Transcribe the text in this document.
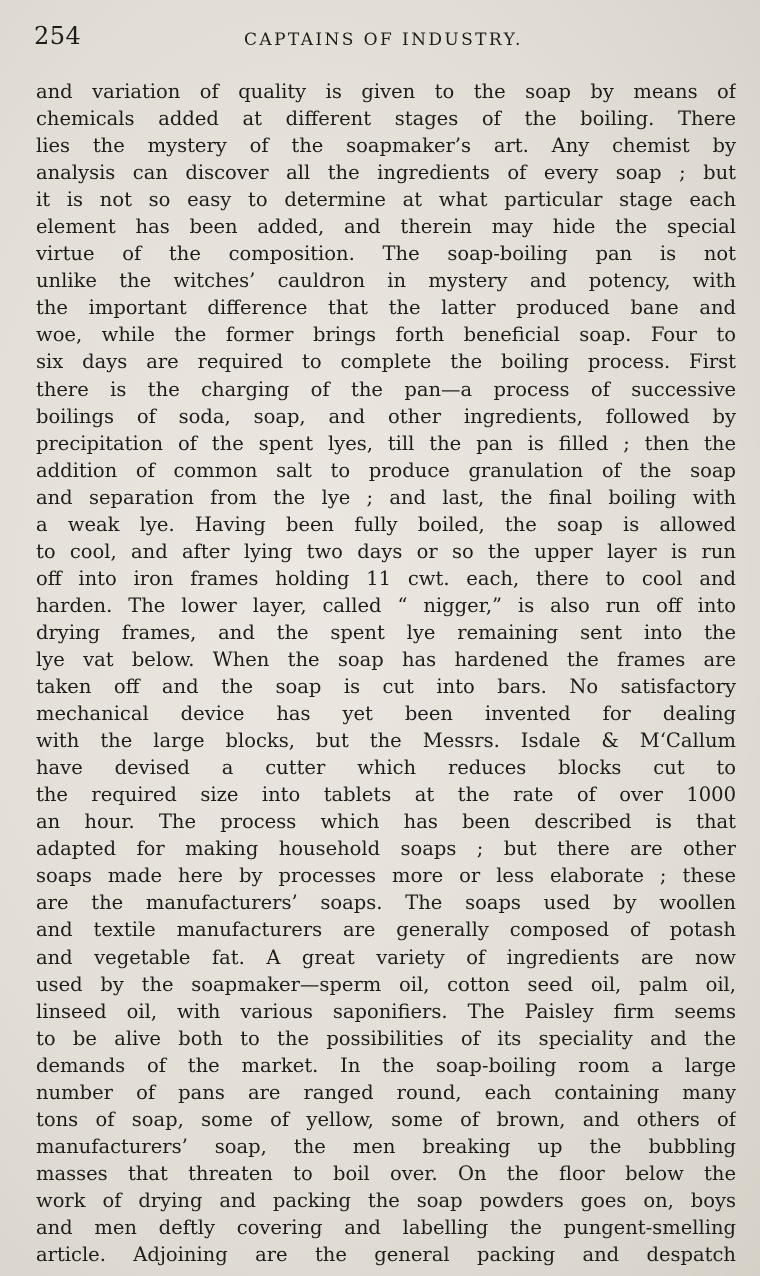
254	CAPTAINS OF INDUSTRY.
and variation of quality is given to the soap by means of
chemicals added at different stages of the boiling. There
lies the mystery of the soapmaker’s art. Any chemist by
analysis can discover all the ingredients of every soap ; but
it is not so easy to determine at what particular stage each
element has been added, and therein may hide the special
virtue of the composition. The soap-boiling pan is not
unlike the witches’ cauldron in mystery and potency, with
the important difference that the latter produced bane and
woe, while the former brings forth beneficial soap. Four to
six days are required to complete the boiling process. First
there is the charging of the pan—a process of successive
boilings of soda, soap, and other ingredients, followed by
precipitation of the spent lyes, till the pan is filled ; then the
addition of common salt to produce granulation of the soap
and separation from the lye ; and last, the final boiling with
a weak lye. Having been fully boiled, the soap is allowed
to cool, and after lying two days or so the upper layer is run
off into iron frames holding 11 cwt. each, there to cool and
harden. The lower layer, called “ nigger,” is also run off into
drying frames, and the spent lye remaining sent into the
lye vat below. When the soap has hardened the frames are
taken off and the soap is cut into bars. No satisfactory
mechanical device has yet been invented for dealing
with the large blocks, but the Messrs. Isdale & M‘Callum
have devised a cutter which reduces blocks cut to
the required size into tablets at the rate of over 1000
an hour. The process which has been described is that
adapted for making household soaps ; but there are other
soaps made here by processes more or less elaborate ; these
are the manufacturers’ soaps. The soaps used by woollen
and textile manufacturers are generally composed of potash
and vegetable fat. A great variety of ingredients are now
used by the soapmaker—sperm oil, cotton seed oil, palm oil,
linseed oil, with various saponifiers. The Paisley firm seems
to be alive both to the possibilities of its speciality and the
demands of the market. In the soap-boiling room a large
number of pans are ranged round, each containing many
tons of soap, some of yellow, some of brown, and others of
manufacturers’ soap, the men breaking up the bubbling
masses that threaten to boil over. On the floor below the
work of drying and packing the soap powders goes on, boys
and men deftly covering and labelling the pungent-smelling
article. Adjoining are the general packing and despatch
